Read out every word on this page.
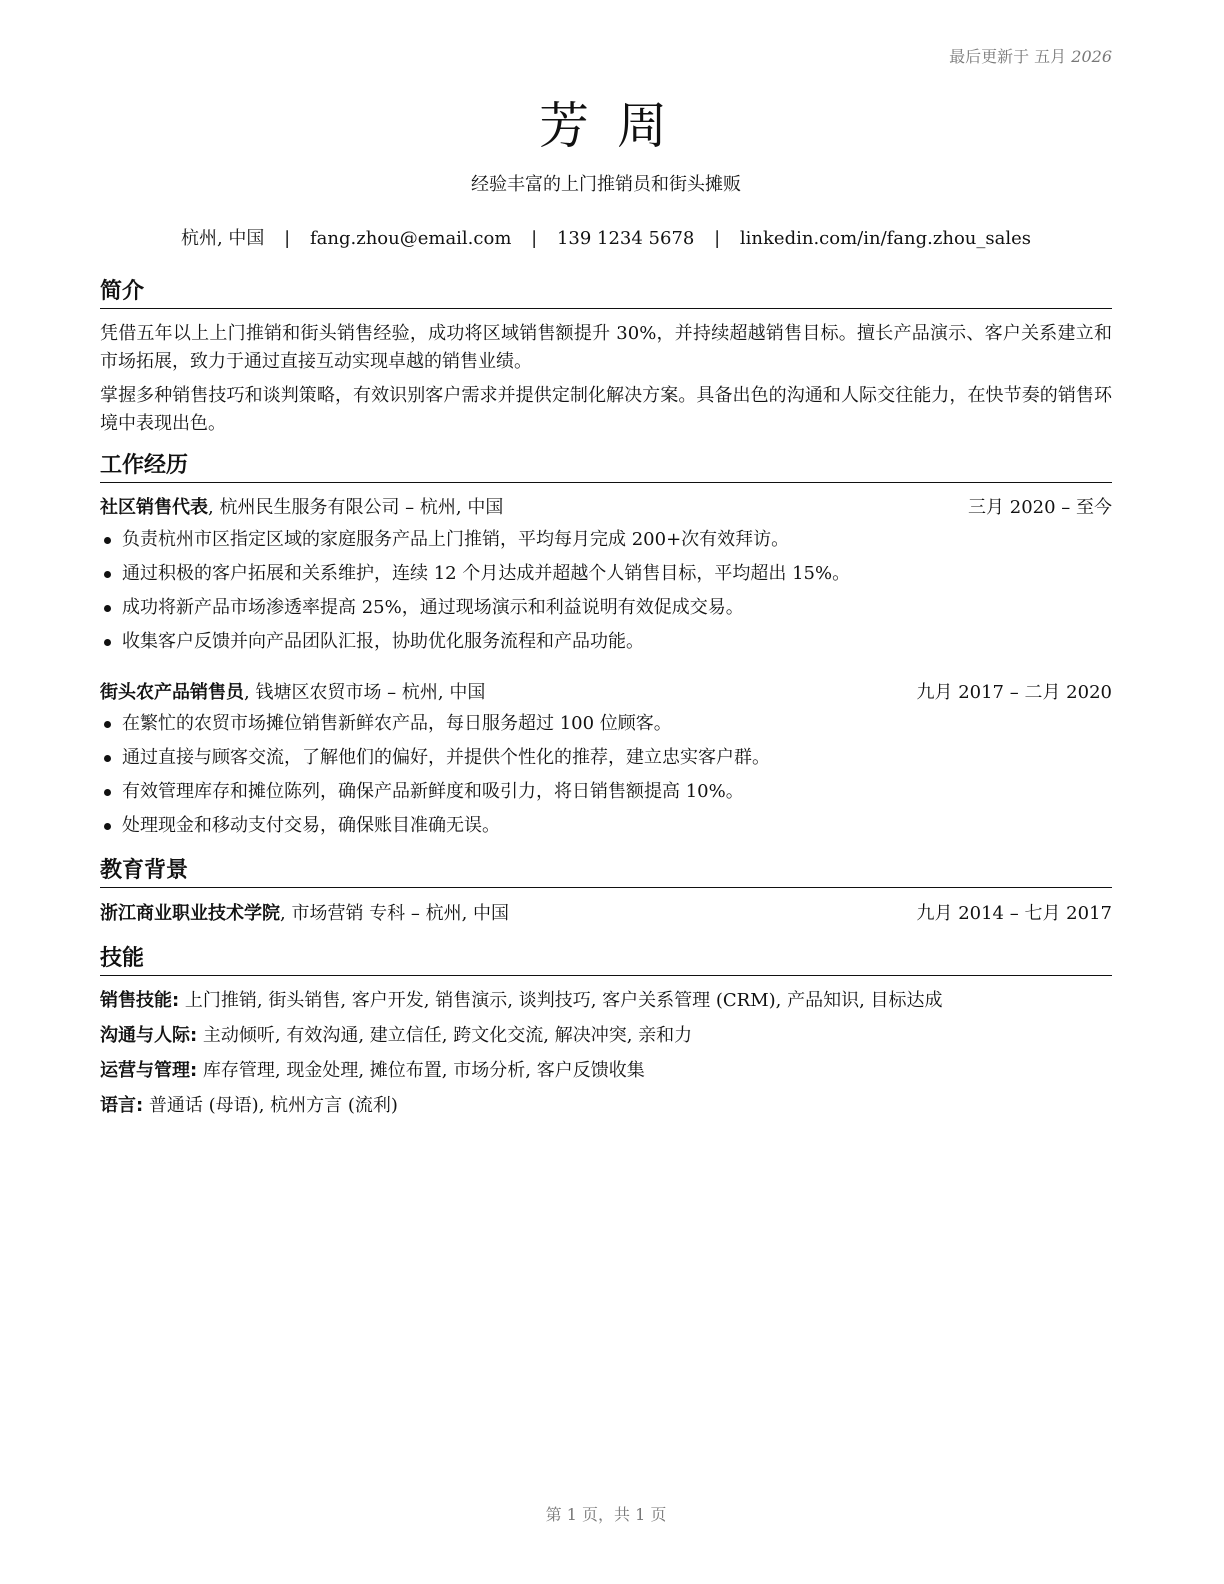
最后更新于 五月 2026
芳 周
经验丰富的上门推销员和街头摊贩
杭州, 中国 | fang.zhou@email.com | 139 1234 5678 | linkedin.com/in/fang.zhou_sales
简介
凭借五年以上上门推销和街头销售经验，成功将区域销售额提升 30%，并持续超越销售目标。擅长产品演示、客户关系建立和市场拓展，致力于通过直接互动实现卓越的销售业绩。
掌握多种销售技巧和谈判策略，有效识别客户需求并提供定制化解决方案。具备出色的沟通和人际交往能力，在快节奏的销售环境中表现出色。
工作经历
社区销售代表, 杭州民生服务有限公司 – 杭州, 中国	三月 2020 – 至今
负责杭州市区指定区域的家庭服务产品上门推销，平均每月完成 200+次有效拜访。
通过积极的客户拓展和关系维护，连续 12 个月达成并超越个人销售目标，平均超出 15%。
成功将新产品市场渗透率提高 25%，通过现场演示和利益说明有效促成交易。
收集客户反馈并向产品团队汇报，协助优化服务流程和产品功能。
街头农产品销售员, 钱塘区农贸市场 – 杭州, 中国	九月 2017 – 二月 2020
在繁忙的农贸市场摊位销售新鲜农产品，每日服务超过 100 位顾客。
通过直接与顾客交流，了解他们的偏好，并提供个性化的推荐，建立忠实客户群。
有效管理库存和摊位陈列，确保产品新鲜度和吸引力，将日销售额提高 10%。
处理现金和移动支付交易，确保账目准确无误。
教育背景
浙江商业职业技术学院, 市场营销 专科 – 杭州, 中国	九月 2014 – 七月 2017
技能
销售技能: 上门推销, 街头销售, 客户开发, 销售演示, 谈判技巧, 客户关系管理 (CRM), 产品知识, 目标达成
沟通与人际: 主动倾听, 有效沟通, 建立信任, 跨文化交流, 解决冲突, 亲和力
运营与管理: 库存管理, 现金处理, 摊位布置, 市场分析, 客户反馈收集
语言: 普通话 (母语), 杭州方言 (流利)
第 1 页，共 1 页
